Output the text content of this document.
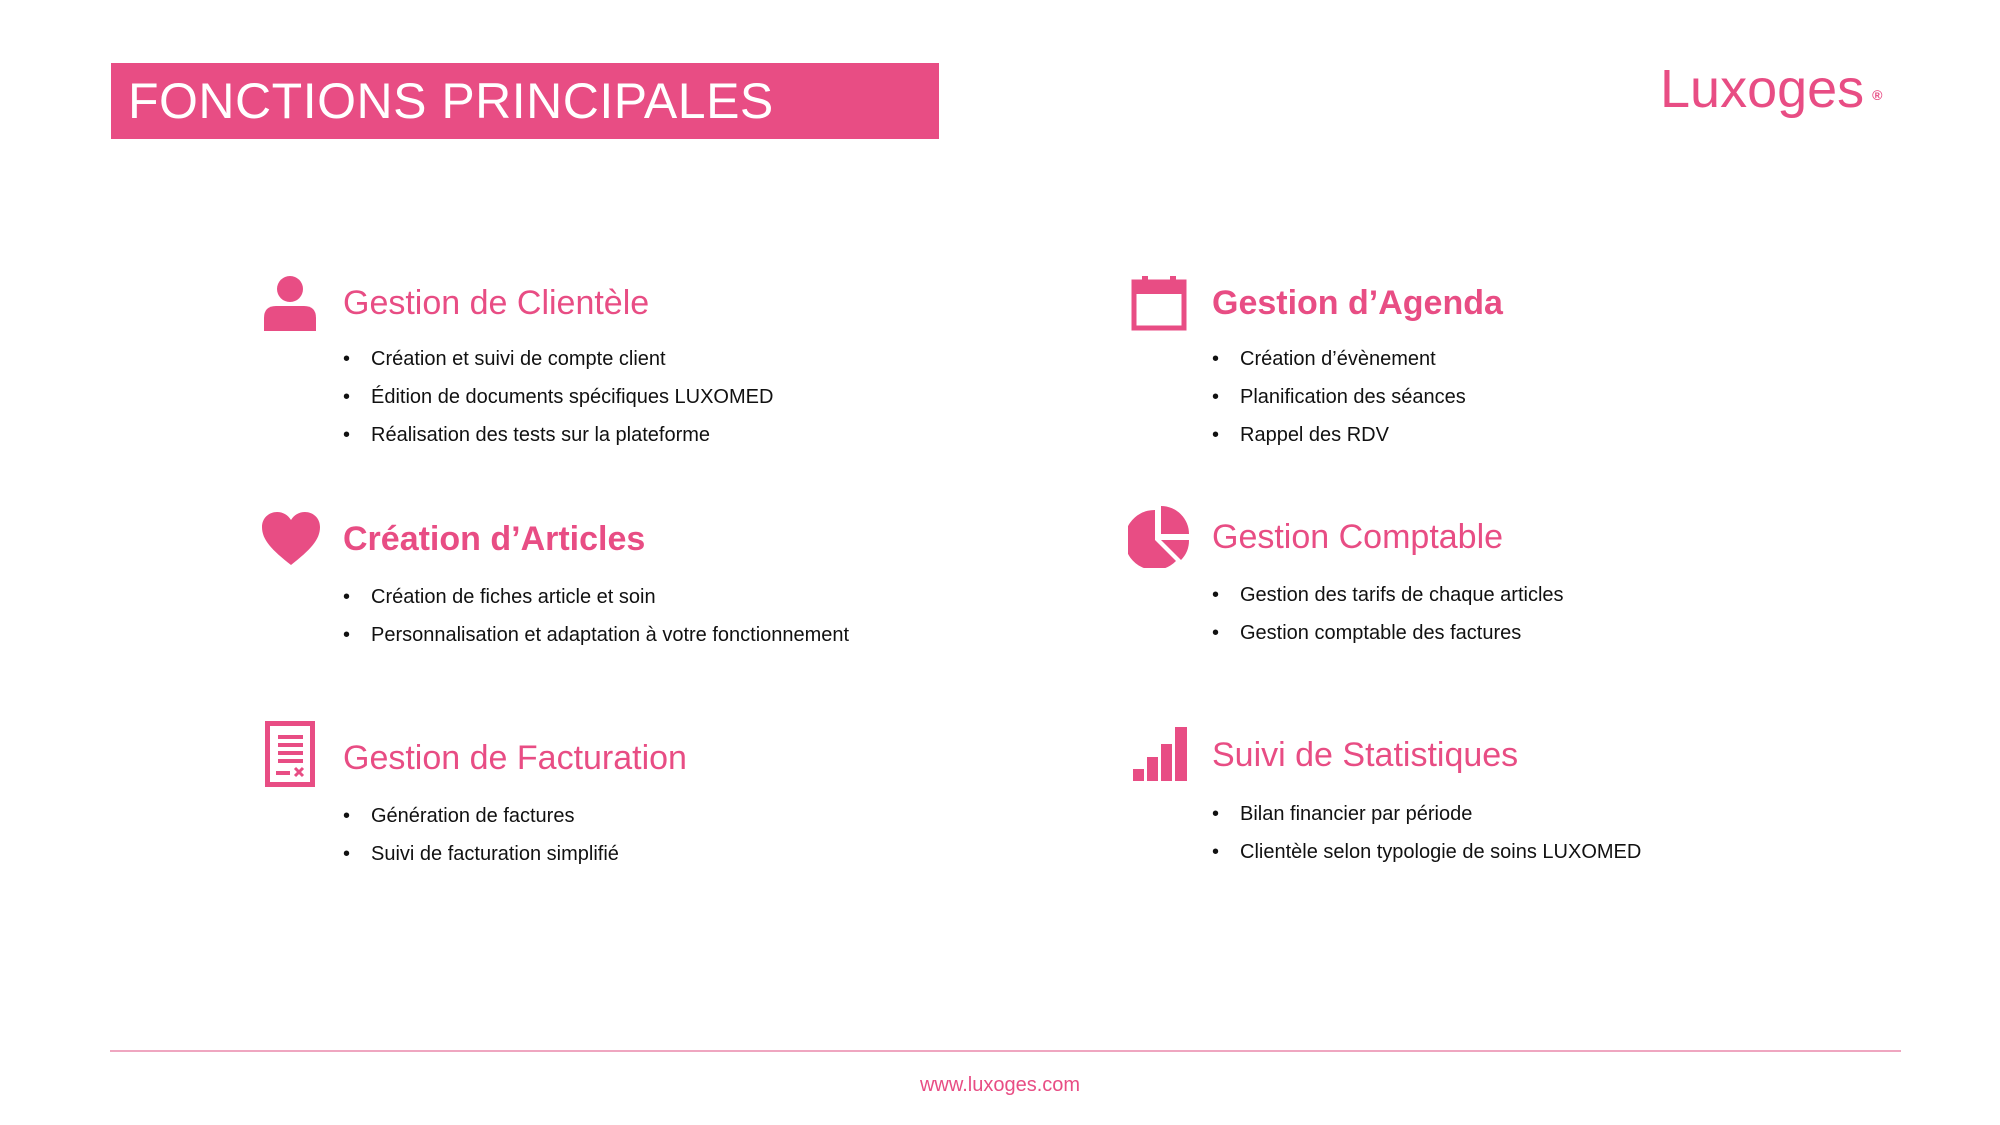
FONCTIONS PRINCIPALES	Luxoges ®
Gestion de Clientèle
• Création et suivi de compte client
• Édition de documents spécifiques LUXOMED
• Réalisation des tests sur la plateforme
Gestion d’Agenda
• Création d’évènement
• Planification des séances
• Rappel des RDV
Création d’Articles
• Création de fiches article et soin
• Personnalisation et adaptation à votre fonctionnement
Gestion Comptable
• Gestion des tarifs de chaque articles
• Gestion comptable des factures
Gestion de Facturation
• Génération de factures
• Suivi de facturation simplifié
Suivi de Statistiques
• Bilan financier par période
• Clientèle selon typologie de soins LUXOMED
www.luxoges.com
